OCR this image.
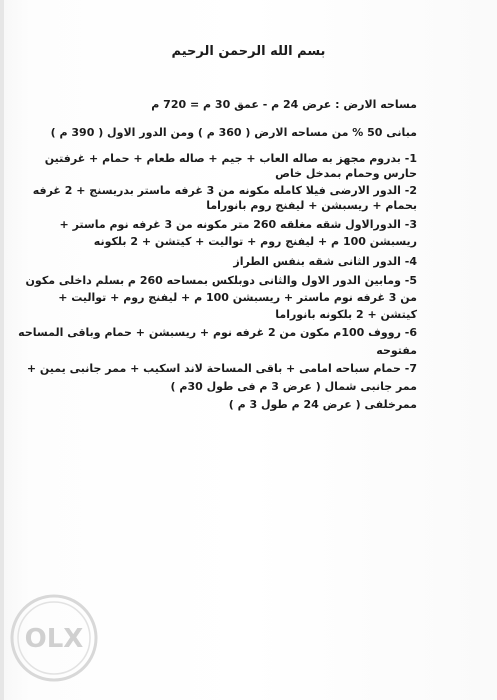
بسم الله الرحمن الرحيم
مساحه الارض : عرض 24 م - عمق 30 م = 720 م
مبانى 50 % من مساحه الارض ( 360 م ) ومن الدور الاول ( 390 م )
1- بدروم مجهز به صاله العاب + جيم + صاله طعام + حمام + غرفتين
حارس وحمام بمدخل خاص
2- الدور الارضى فيلا كامله مكونه من 3 غرفه ماستر بدريسنج + 2 غرفه
بحمام + ريسبشن + ليفنج روم بانوراما
3- الدورالاول شقه مغلقه 260 متر مكونه من 3 غرفه نوم ماستر +
ريسبشن 100 م + ليفنج روم + تواليت + كيتشن + 2 بلكونه
4- الدور الثانى شقه بنفس الطراز
5- ومابين الدور الاول والثانى دوبلكس بمساحه 260 م بسلم داخلى مكون
من 3 غرفه نوم ماستر + ريسبشن 100 م + ليفنج روم + تواليت +
كيتشن + 2 بلكونه بانوراما
6- رووف 100م مكون من 2 غرفه نوم + ريسبشن + حمام وباقى المساحه
مفتوحه
7- حمام سباحه امامى + باقى المساحة لاند اسكيب + ممر جانبى يمين +
ممر جانبى شمال ( عرض 3 م فى طول 30م )
ممرخلفى ( عرض 24 م طول 3 م )
OLX
